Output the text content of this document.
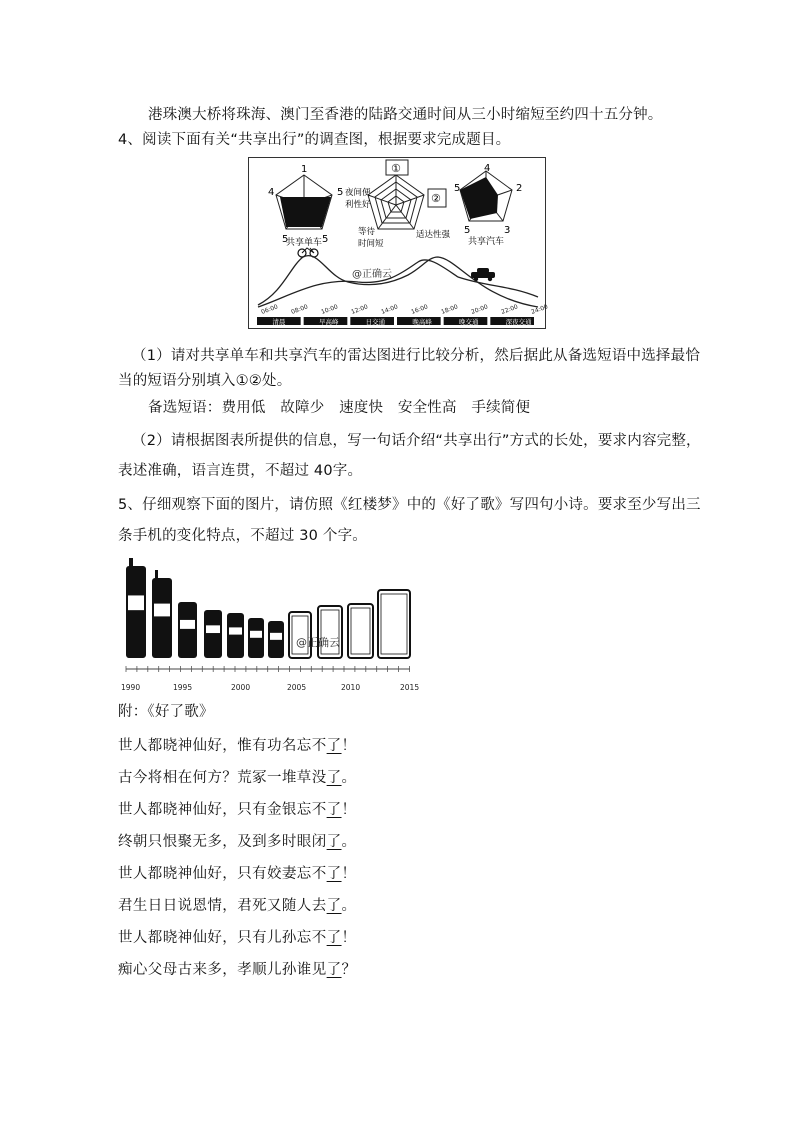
港珠澳大桥将珠海、澳门至香港的陆路交通时间从三小时缩短至约四十五分钟。
4、阅读下面有关“共享出行”的调查图，根据要求完成题目。
1
4	5
5	5
共享单车
①
②
夜间便
利性好
等待
时间短
适达性强
4
5	2
5	3
共享汽车
@正确云
06:00 08:00 10:00 12:00 14:00 16:00 18:00 20:00 22:00 24:00
清晨	早高峰	日交通	晚高峰	晚交通	深夜交通
（1）请对共享单车和共享汽车的雷达图进行比较分析，然后据此从备选短语中选择最恰
当的短语分别填入①②处。
备选短语：费用低　故障少　速度快　安全性高　手续简便
（2）请根据图表所提供的信息，写一句话介绍“共享出行”方式的长处，要求内容完整，
表述准确，语言连贯，不超过 40字。
5、仔细观察下面的图片，请仿照《红楼梦》中的《好了歌》写四句小诗。要求至少写出三
条手机的变化特点，不超过 30 个字。
@正确云
1990	1995	2000	2005	2010	2015
附：《好了歌》
世人都晓神仙好，惟有功名忘不了！
古今将相在何方？荒冢一堆草没了。
世人都晓神仙好，只有金银忘不了！
终朝只恨聚无多，及到多时眼闭了。
世人都晓神仙好，只有姣妻忘不了！
君生日日说恩情，君死又随人去了。
世人都晓神仙好，只有儿孙忘不了！
痴心父母古来多，孝顺儿孙谁见了？
